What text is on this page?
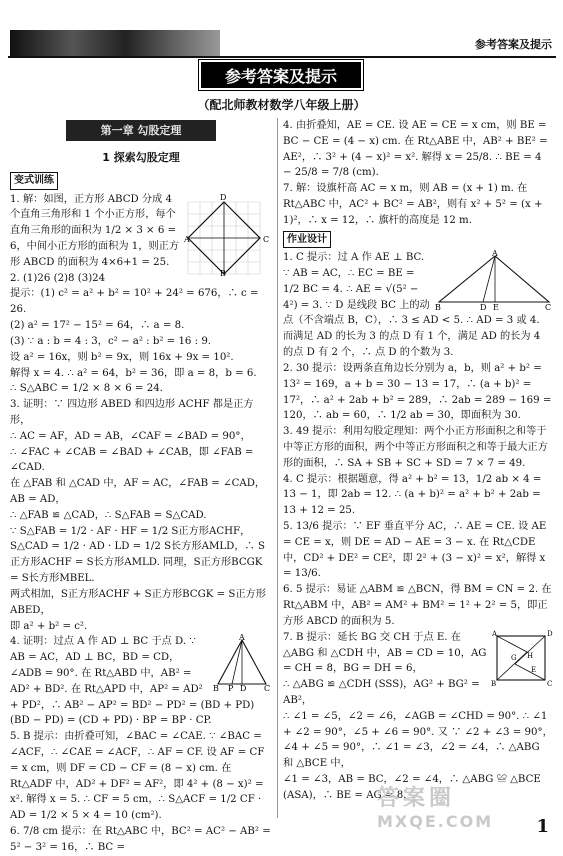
参考答案及提示
参考答案及提示
（配北师教材数学八年级上册）
第一章 勾股定理
1 探索勾股定理
变式训练
D
A	C
B

1. 解：如图，正方形 ABCD 分成 4 个直角三角形和 1 个小正方形，每个直角三角形的面积为 1/2 × 3 × 6 = 6，中间小正方形的面积为 1，则正方形 ABCD 的面积为 4×6+1 = 25.

2. (1)26 (2)8 (3)24

提示：(1) c² = a² + b² = 10² + 24² = 676，∴ c = 26.

(2) a² = 17² − 15² = 64，∴ a = 8.

(3) ∵ a : b = 4 : 3，c² − a² : b² = 16 : 9.

设 a² = 16x，则 b² = 9x，则 16x + 9x = 10².

解得 x = 4. ∴ a² = 64，b² = 36，即 a = 8，b = 6.

∴ S△ABC = 1/2 × 8 × 6 = 24.

3. 证明：∵ 四边形 ABED 和四边形 ACHF 都是正方形，

∴ AC = AF，AD = AB，∠CAF = ∠BAD = 90°，

∴ ∠FAC + ∠CAB = ∠BAD + ∠CAB，即 ∠FAB = ∠CAD.

在 △FAB 和 △CAD 中，AF = AC，∠FAB = ∠CAD，AB = AD，

∴ △FAB ≌ △CAD，∴ S△FAB = S△CAD.

∵ S△FAB = 1/2 · AF · HF = 1/2 S正方形ACHF，

S△CAD = 1/2 · AD · LD = 1/2 S长方形AMLD，∴ S正方形ACHF = S长方形AMLD. 同理，S正方形BCGK = S长方形MBEL.

两式相加，S正方形ACHF + S正方形BCGK = S正方形ABED，

即 a² + b² = c².

A
B P D C

4. 证明：过点 A 作 AD ⊥ BC 于点 D. ∵ AB = AC，AD ⊥ BC，BD = CD，∠ADB = 90°. 在 Rt△ABD 中，AB² = AD² + BD². 在 Rt△APD 中，AP² = AD² + PD²，∴ AB² − AP² = BD² − PD² = (BD + PD)(BD − PD) = (CD + PD) · BP = BP · CP.

5. B 提示：由折叠可知，∠BAC = ∠CAE. ∵ ∠BAC = ∠ACF，∴ ∠CAE = ∠ACF，∴ AF = CF. 设 AF = CF = x cm，则 DF = CD − CF = (8 − x) cm. 在 Rt△ADF 中，AD² + DF² = AF²，即 4² + (8 − x)² = x². 解得 x = 5. ∴ CF = 5 cm，∴ S△ACF = 1/2 CF · AD = 1/2 × 5 × 4 = 10 (cm²).

6. 7/8 cm 提示：在 Rt△ABC 中，BC² = AC² − AB² = 5² − 3² = 16，∴ BC =

4. 由折叠知，AE = CE. 设 AE = CE = x cm，则 BE = BC − CE = (4 − x) cm. 在 Rt△ABE 中，AB² + BE² = AE²，∴ 3² + (4 − x)² = x². 解得 x = 25/8. ∴ BE = 4 − 25/8 = 7/8 (cm).

7. 解：设旗杆高 AC = x m，则 AB = (x + 1) m. 在 Rt△ABC 中，AC² + BC² = AB²，则有 x² + 5² = (x + 1)²，∴ x = 12，∴ 旗杆的高度是 12 m.

作业设计
A
B	D E	C

1. C 提示：过 A 作 AE ⊥ BC. ∵ AB = AC，∴ EC = BE = 1/2 BC = 4. ∴ AE = √(5² − 4²) = 3. ∵ D 是线段 BC 上的动点（不含端点 B，C），∴ 3 ≤ AD < 5. ∴ AD = 3 或 4. 而满足 AD 的长为 3 的点 D 有 1 个，满足 AD 的长为 4 的点 D 有 2 个，∴ 点 D 的个数为 3.

2. 30 提示：设两条直角边长分别为 a，b，则 a² + b² = 13² = 169，a + b = 30 − 13 = 17，∴ (a + b)² = 17²，∴ a² + 2ab + b² = 289，∴ 2ab = 289 − 169 = 120，∴ ab = 60，∴ 1/2 ab = 30，即面积为 30.

3. 49 提示：利用勾股定理知：两个小正方形面积之和等于中等正方形的面积，两个中等正方形面积之和等于最大正方形的面积，∴ SA + SB + SC + SD = 7 × 7 = 49.

4. C 提示：根据题意，得 a² + b² = 13，1/2 ab × 4 = 13 − 1，即 2ab = 12. ∴ (a + b)² = a² + b² + 2ab = 13 + 12 = 25.

5. 13/6 提示：∵ EF 垂直平分 AC，∴ AE = CE. 设 AE = CE = x，则 DE = AD − AE = 3 − x. 在 Rt△CDE 中，CD² + DE² = CE²，即 2² + (3 − x)² = x²，解得 x = 13/6.

6. 5 提示：易证 △ABM ≌ △BCN，得 BM = CN = 2. 在 Rt△ABM 中，AB² = AM² + BM² = 1² + 2² = 5，即正方形 ABCD 的面积为 5.

A	D
H
G
B	C
E

7. B 提示：延长 BG 交 CH 于点 E. 在 △ABG 和 △CDH 中，AB = CD = 10，AG = CH = 8，BG = DH = 6，

∴ △ABG ≌ △CDH (SSS)，AG² + BG² = AB²，

∴ ∠1 = ∠5，∠2 = ∠6，∠AGB = ∠CHD = 90°. ∴ ∠1 + ∠2 = 90°，∠5 + ∠6 = 90°. 又 ∵ ∠2 + ∠3 = 90°，∠4 + ∠5 = 90°，∴ ∠1 = ∠3，∠2 = ∠4，∴ △ABG 和 △BCE 中，

∠1 = ∠3，AB = BC，∠2 = ∠4，∴ △ABG ≌ △BCE (ASA)，∴ BE = AG = 8，

答案圈
MXQE.COM	1
